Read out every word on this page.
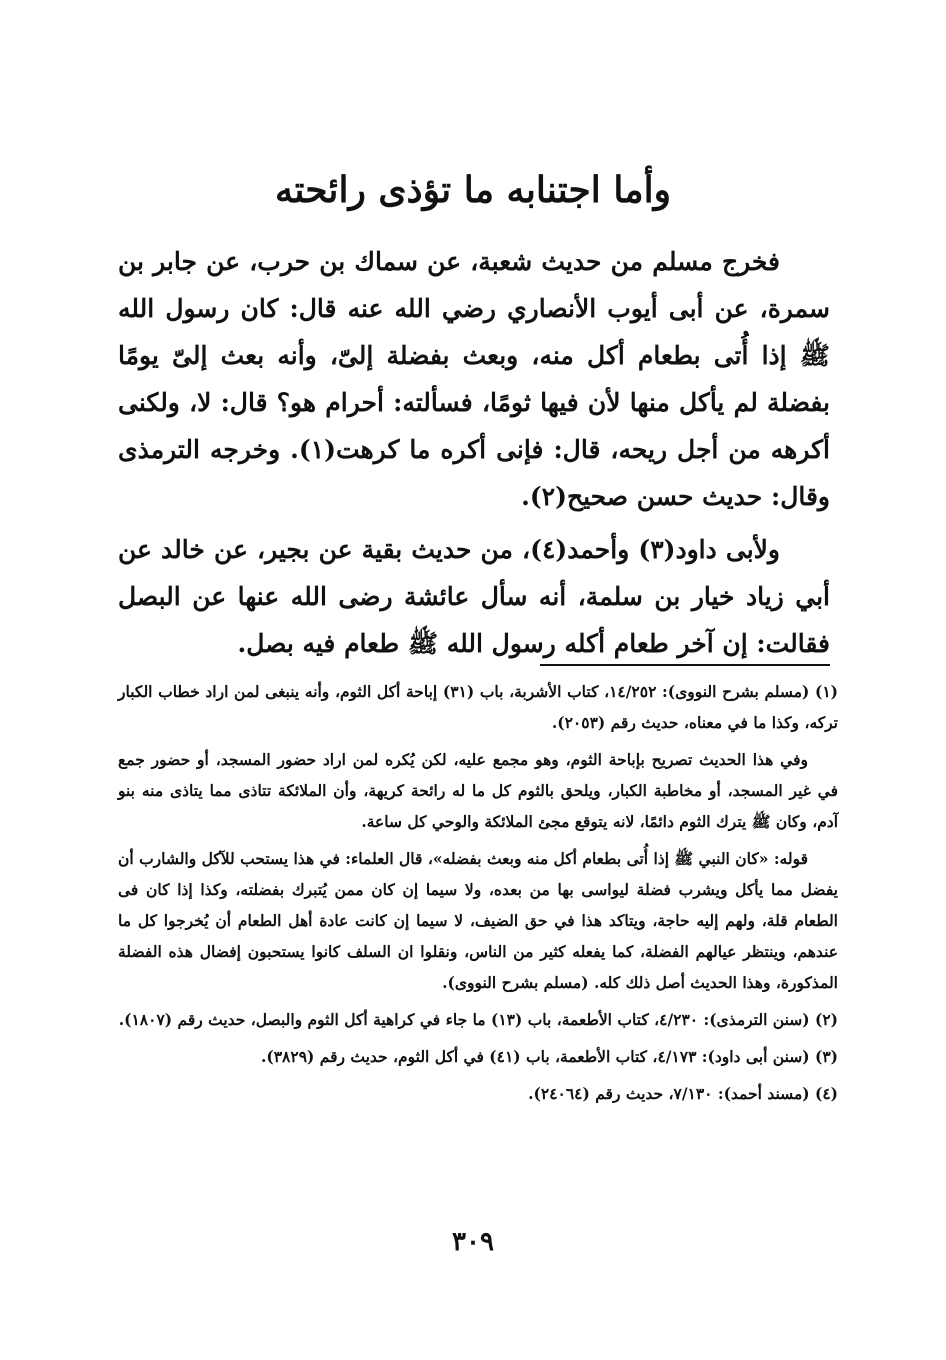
وأما اجتنابه ما تؤذى رائحته

فخرج مسلم من حديث شعبة، عن سماك بن حرب، عن جابر بن سمرة، عن أبى أيوب الأنصاري رضي الله عنه قال: كان رسول الله ﷺ إذا أُتى بطعام أكل منه، وبعث بفضلة إلىّ، وأنه بعث إلىّ يومًا بفضلة لم يأكل منها لأن فيها ثومًا، فسألته: أحرام هو؟ قال: لا، ولكنى أكرهه من أجل ريحه، قال: فإنى أكره ما كرهت(١). وخرجه الترمذى وقال: حديث حسن صحيح(٢).

ولأبى داود(٣) وأحمد(٤)، من حديث بقية عن بجير، عن خالد عن أبي زياد خيار بن سلمة، أنه سأل عائشة رضى الله عنها عن البصل فقالت: إن آخر طعام أكله رسول الله ﷺ طعام فيه بصل.

(١) (مسلم بشرح النووى): ١٤/٢٥٢، كتاب الأشربة، باب (٣١) إباحة أكل الثوم، وأنه ينبغى لمن اراد خطاب الكبار تركه، وكذا ما في معناه، حديث رقم (٢٠٥٣).

وفي هذا الحديث تصريح بإباحة الثوم، وهو مجمع عليه، لكن يُكره لمن اراد حضور المسجد، أو حضور جمع في غير المسجد، أو مخاطبة الكبار، ويلحق بالثوم كل ما له رائحة كريهة، وأن الملائكة تتاذى مما يتاذى منه بنو آدم، وكان ﷺ يترك الثوم دائمًا، لانه يتوقع مجئ الملائكة والوحي كل ساعة.

قوله: «كان النبي ﷺ إذا أُتى بطعام أكل منه وبعث بفضله»، قال العلماء: في هذا يستحب للآكل والشارب أن يفضل مما يأكل ويشرب فضلة ليواسى بها من بعده، ولا سيما إن كان ممن يُتبرك بفضلته، وكذا إذا كان فى الطعام قلة، ولهم إليه حاجة، ويتاكد هذا في حق الضيف، لا سيما إن كانت عادة أهل الطعام أن يُخرجوا كل ما عندهم، وينتظر عيالهم الفضلة، كما يفعله كثير من الناس، ونقلوا ان السلف كانوا يستحبون إفضال هذه الفضلة المذكورة، وهذا الحديث أصل ذلك كله. (مسلم بشرح النووى).

(٢) (سنن الترمذى): ٤/٢٣٠، كتاب الأطعمة، باب (١٣) ما جاء في كراهية أكل الثوم والبصل، حديث رقم (١٨٠٧).

(٣) (سنن أبى داود): ٤/١٧٣، كتاب الأطعمة، باب (٤١) في أكل الثوم، حديث رقم (٣٨٢٩).

(٤) (مسند أحمد): ٧/١٣٠، حديث رقم (٢٤٠٦٤).

٣٠٩
